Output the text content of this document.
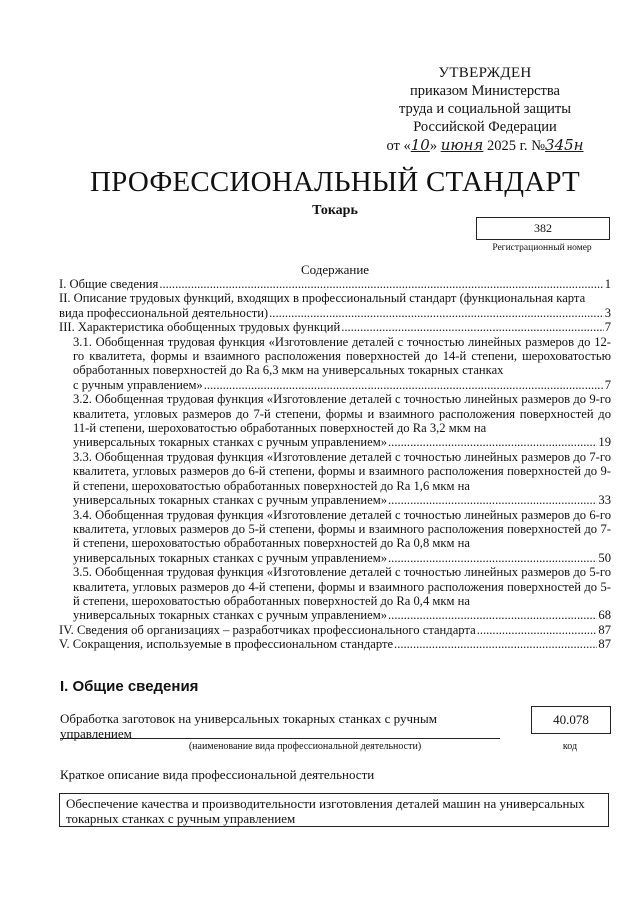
УТВЕРЖДЕН
приказом Министерства
труда и социальной защиты
Российской Федерации
от «10» июня 2025 г. №345н
ПРОФЕССИОНАЛЬНЫЙ СТАНДАРТ
Токарь
382
Регистрационный номер
Содержание
I. Общие сведения .....	1
II. Описание трудовых функций, входящих в профессиональный стандарт (функциональная карта
вида профессиональной деятельности) .....	3
III. Характеристика обобщенных трудовых функций .....	7
3.1. Обобщенная трудовая функция «Изготовление деталей с точностью линейных размеров до 12-го квалитета, формы и взаимного расположения поверхностей до 14-й степени, шероховатостью обработанных поверхностей до Ra 6,3 мкм на универсальных токарных станках
с ручным управлением» .....	7
3.2. Обобщенная трудовая функция «Изготовление деталей с точностью линейных размеров до 9-го квалитета, угловых размеров до 7-й степени, формы и взаимного расположения поверхностей до 11-й степени, шероховатостью обработанных поверхностей до Ra 3,2 мкм на
универсальных токарных станках с ручным управлением» .....	19
3.3. Обобщенная трудовая функция «Изготовление деталей с точностью линейных размеров до 7-го квалитета, угловых размеров до 6-й степени, формы и взаимного расположения поверхностей до 9-й степени, шероховатостью обработанных поверхностей до Ra 1,6 мкм на
универсальных токарных станках с ручным управлением» .....	33
3.4. Обобщенная трудовая функция «Изготовление деталей с точностью линейных размеров до 6-го квалитета, угловых размеров до 5-й степени, формы и взаимного расположения поверхностей до 7-й степени, шероховатостью обработанных поверхностей до Ra 0,8 мкм на
универсальных токарных станках с ручным управлением» .....	50
3.5. Обобщенная трудовая функция «Изготовление деталей с точностью линейных размеров до 5-го квалитета, угловых размеров до 4-й степени, формы и взаимного расположения поверхностей до 5-й степени, шероховатостью обработанных поверхностей до Ra 0,4 мкм на
универсальных токарных станках с ручным управлением» .....	68
IV. Сведения об организациях – разработчиках профессионального стандарта .....	87
V. Сокращения, используемые в профессиональном стандарте .....	87
I. Общие сведения
Обработка заготовок на универсальных токарных станках с ручным управлением
(наименование вида профессиональной деятельности)
40.078
код
Краткое описание вида профессиональной деятельности
Обеспечение качества и производительности изготовления деталей машин на универсальных токарных станках с ручным управлением
